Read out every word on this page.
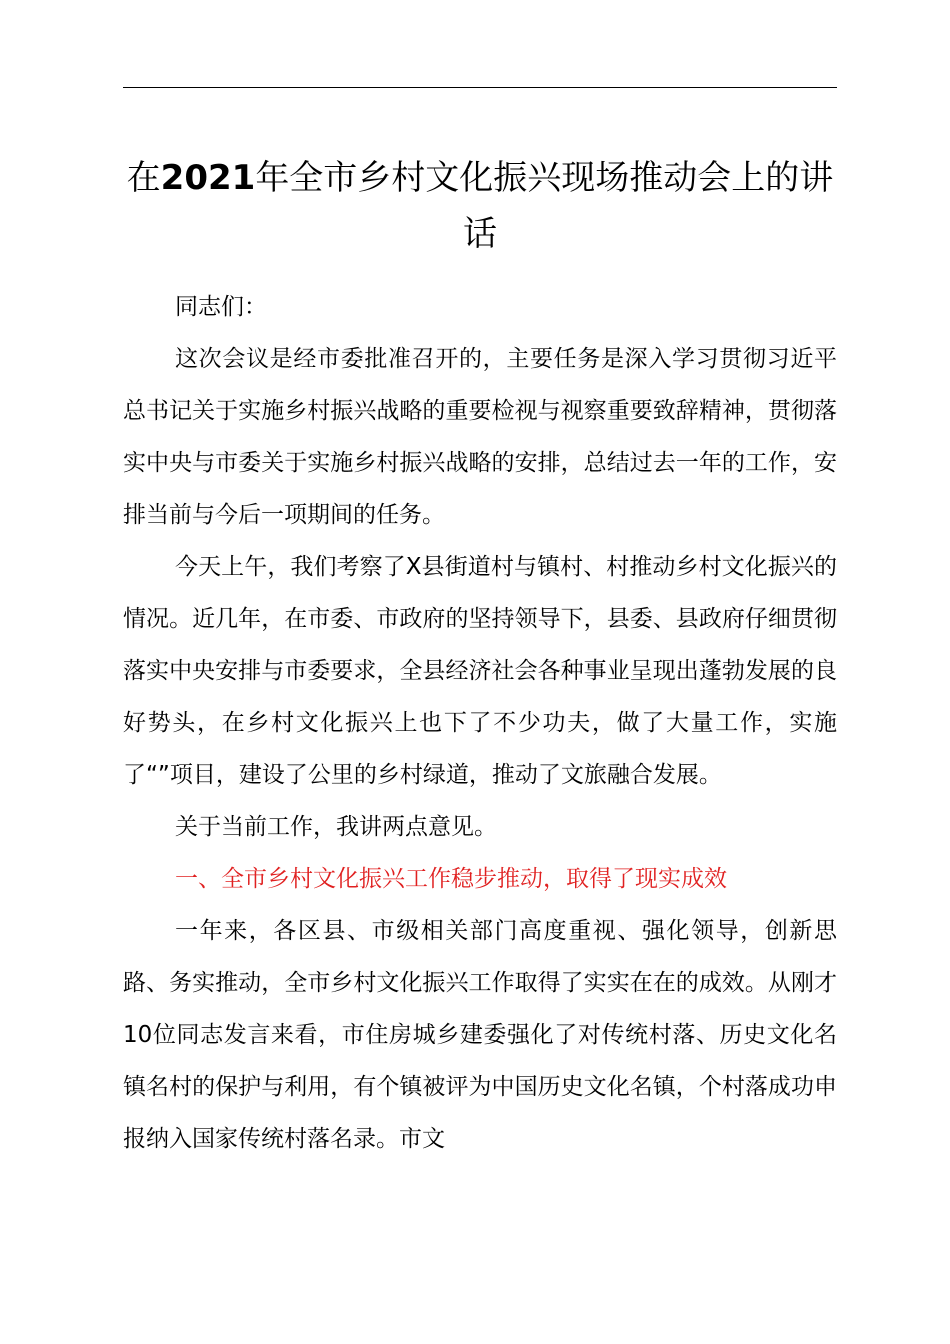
在2021年全市乡村文化振兴现场推动会上的讲话

同志们：

这次会议是经市委批准召开的，主要任务是深入学习贯彻习近平总书记关于实施乡村振兴战略的重要检视与视察重要致辞精神，贯彻落实中央与市委关于实施乡村振兴战略的安排，总结过去一年的工作，安排当前与今后一项期间的任务。

今天上午，我们考察了X县街道村与镇村、村推动乡村文化振兴的情况。近几年，在市委、市政府的坚持领导下，县委、县政府仔细贯彻落实中央安排与市委要求，全县经济社会各种事业呈现出蓬勃发展的良好势头，在乡村文化振兴上也下了不少功夫，做了大量工作，实施了“”项目，建设了公里的乡村绿道，推动了文旅融合发展。

关于当前工作，我讲两点意见。

一、全市乡村文化振兴工作稳步推动，取得了现实成效

一年来，各区县、市级相关部门高度重视、强化领导，创新思路、务实推动，全市乡村文化振兴工作取得了实实在在的成效。从刚才10位同志发言来看，市住房城乡建委强化了对传统村落、历史文化名镇名村的保护与利用，有个镇被评为中国历史文化名镇，个村落成功申报纳入国家传统村落名录。市文
